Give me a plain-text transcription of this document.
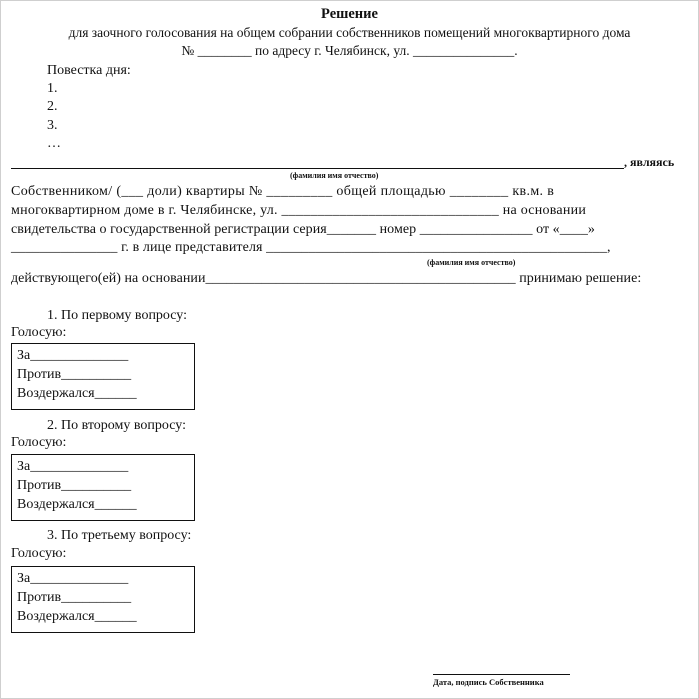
Решение
для заочного голосования на общем собрании собственников помещений многоквартирного дома
№ ________ по адресу г. Челябинск, ул. _______________.
Повестка дня:
1.
2.
3.
…
, являясь
(фамилия имя отчество)
Собственником/ (___ доли) квартиры № _________ общей площадью ________ кв.м. в
многоквартирном доме в г. Челябинске, ул. ______________________________ на основании
свидетельства о государственной регистрации серия_______ номер ________________ от «____»
_______________ г. в лице представителя ________________________________________________,
(фамилия имя отчество)
действующего(ей) на основании____________________________________________ принимаю решение:
1. По первому вопросу:
Голосую:
За______________
Против__________
Воздержался______
2. По второму вопросу:
Голосую:
За______________
Против__________
Воздержался______
3. По третьему вопросу:
Голосую:
За______________
Против__________
Воздержался______
Дата, подпись Собственника
